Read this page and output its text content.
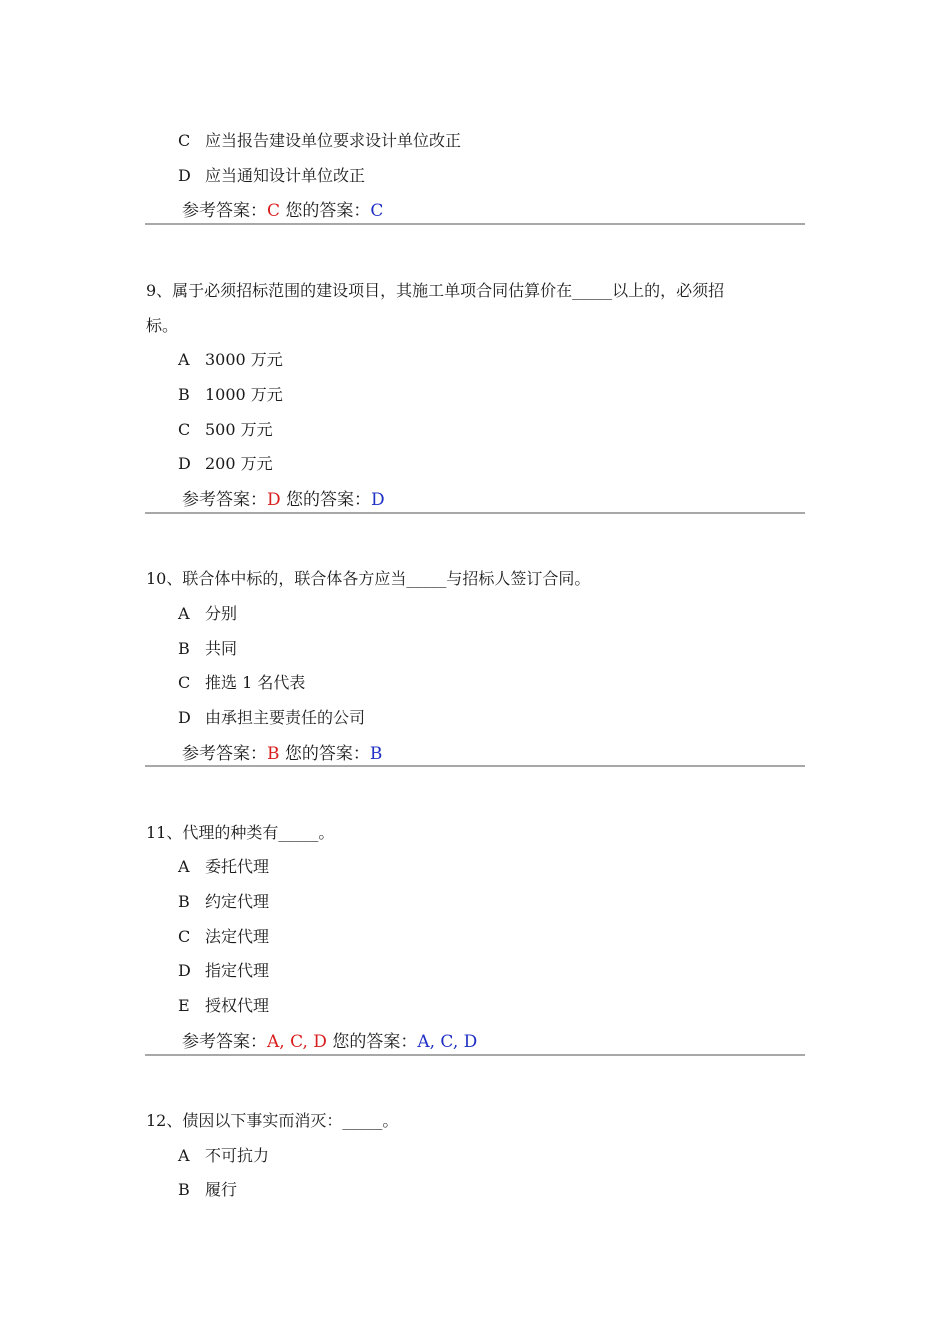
C 应当报告建设单位要求设计单位改正
D 应当通知设计单位改正
参考答案：C 您的答案：C
9、属于必须招标范围的建设项目，其施工单项合同估算价在_____以上的，必须招
标。
A 3000 万元
B 1000 万元
C 500 万元
D 200 万元
参考答案：D 您的答案：D
10、联合体中标的，联合体各方应当_____与招标人签订合同。
A 分别
B 共同
C 推选 1 名代表
D 由承担主要责任的公司
参考答案：B 您的答案：B
11、代理的种类有_____。
A 委托代理
B 约定代理
C 法定代理
D 指定代理
E 授权代理
参考答案：A, C, D 您的答案：A, C, D
12、债因以下事实而消灭：_____。
A 不可抗力
B 履行
